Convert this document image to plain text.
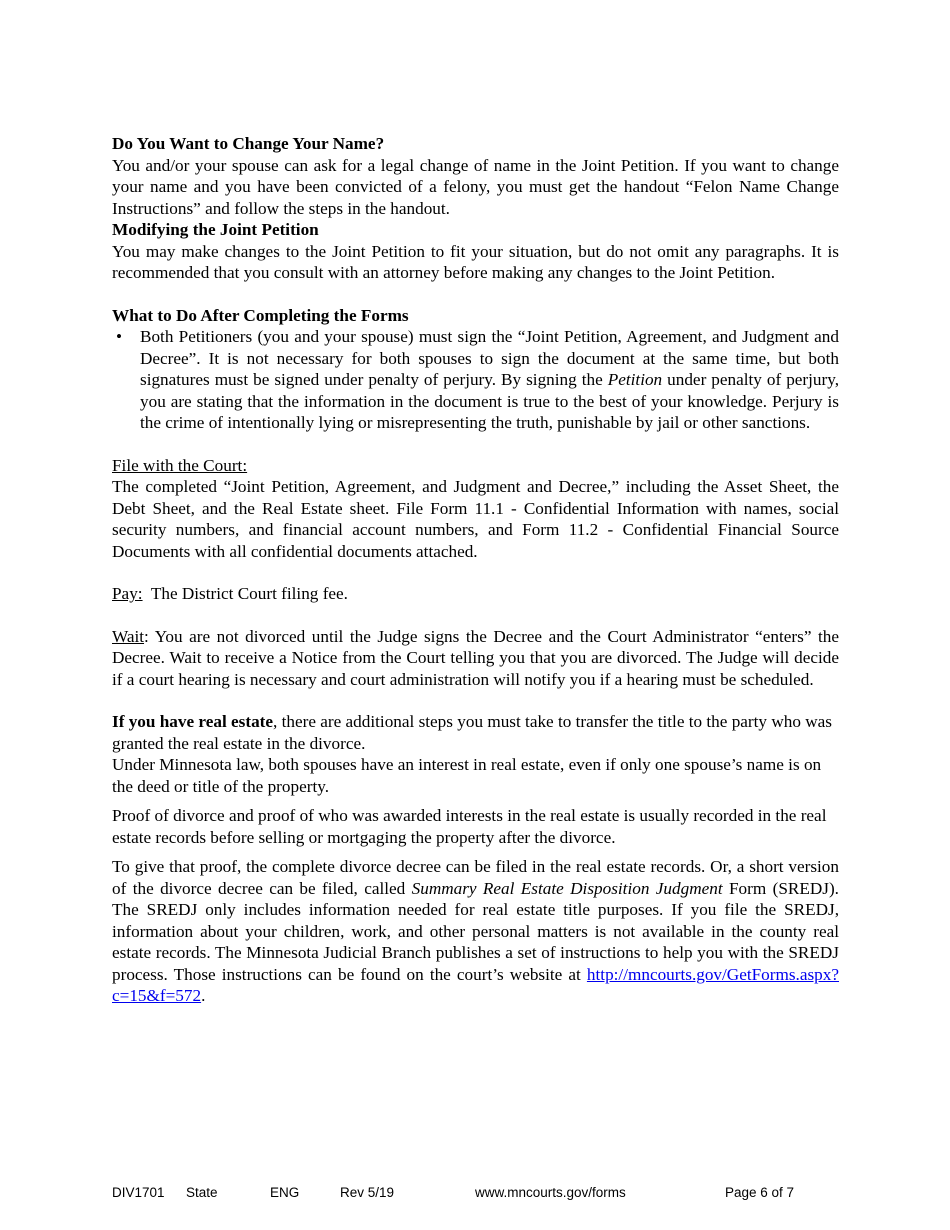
Do You Want to Change Your Name?

You and/or your spouse can ask for a legal change of name in the Joint Petition. If you want to change your name and you have been convicted of a felony, you must get the handout “Felon Name Change Instructions” and follow the steps in the handout.

Modifying the Joint Petition

You may make changes to the Joint Petition to fit your situation, but do not omit any paragraphs. It is recommended that you consult with an attorney before making any changes to the Joint Petition.

What to Do After Completing the Forms

• Both Petitioners (you and your spouse) must sign the “Joint Petition, Agreement, and Judgment and Decree”. It is not necessary for both spouses to sign the document at the same time, but both signatures must be signed under penalty of perjury. By signing the Petition under penalty of perjury, you are stating that the information in the document is true to the best of your knowledge. Perjury is the crime of intentionally lying or misrepresenting the truth, punishable by jail or other sanctions.

File with the Court:

The completed “Joint Petition, Agreement, and Judgment and Decree,” including the Asset Sheet, the Debt Sheet, and the Real Estate sheet. File Form 11.1 - Confidential Information with names, social security numbers, and financial account numbers, and Form 11.2 - Confidential Financial Source Documents with all confidential documents attached.

Pay:  The District Court filing fee.

Wait: You are not divorced until the Judge signs the Decree and the Court Administrator “enters” the Decree. Wait to receive a Notice from the Court telling you that you are divorced. The Judge will decide if a court hearing is necessary and court administration will notify you if a hearing must be scheduled.

If you have real estate, there are additional steps you must take to transfer the title to the party who was granted the real estate in the divorce.

Under Minnesota law, both spouses have an interest in real estate, even if only one spouse’s name is on the deed or title of the property.

Proof of divorce and proof of who was awarded interests in the real estate is usually recorded in the real estate records before selling or mortgaging the property after the divorce.

To give that proof, the complete divorce decree can be filed in the real estate records. Or, a short version of the divorce decree can be filed, called Summary Real Estate Disposition Judgment Form (SREDJ). The SREDJ only includes information needed for real estate title purposes. If you file the SREDJ, information about your children, work, and other personal matters is not available in the county real estate records. The Minnesota Judicial Branch publishes a set of instructions to help you with the SREDJ process. Those instructions can be found on the court’s website at http://mncourts.gov/GetForms.aspx?c=15&f=572.

DIV1701 State	ENG	Rev 5/19	www.mncourts.gov/forms	Page 6 of 7
